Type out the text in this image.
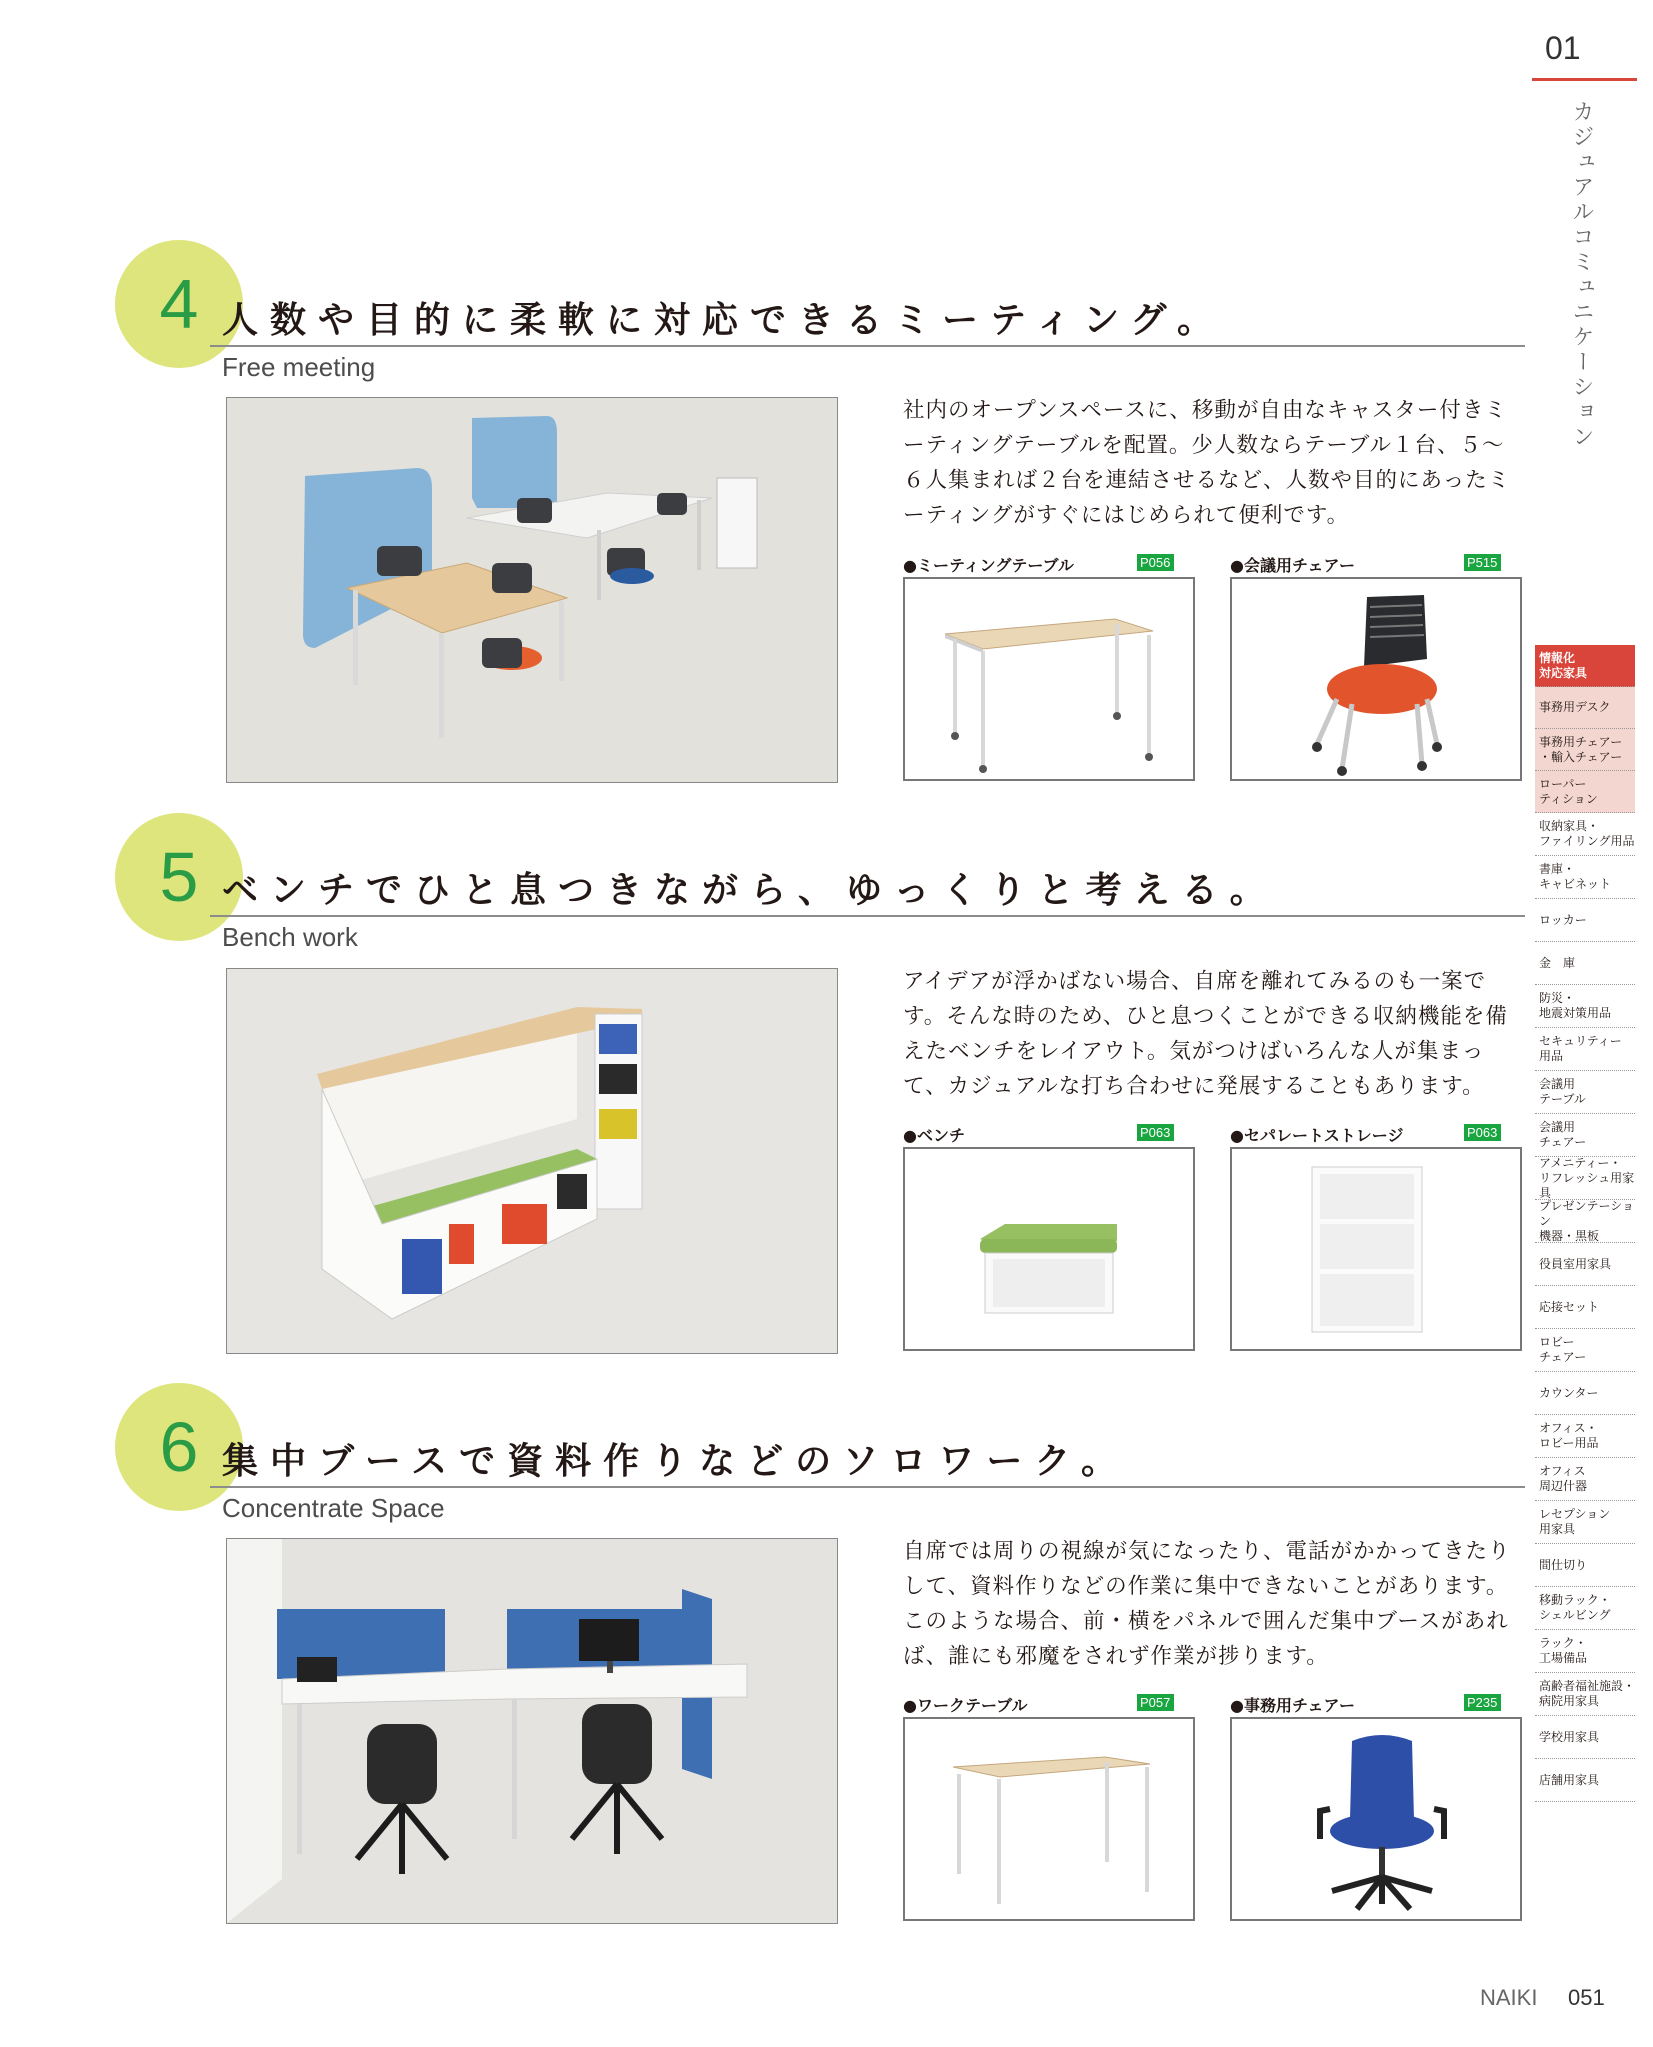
01
カジュアルコミュニケーション
4 人数や目的に柔軟に対応できるミーティング。
Free meeting
社内のオープンスペースに、移動が自由なキャスター付きミーティングテーブルを配置。少人数ならテーブル１台、５〜６人集まれば２台を連結させるなど、人数や目的にあったミーティングがすぐにはじめられて便利です。
●ミーティングテーブル	P056	●会議用チェアー	P515
5 ベンチでひと息つきながら、ゆっくりと考える。
Bench work
アイデアが浮かばない場合、自席を離れてみるのも一案です。そんな時のため、ひと息つくことができる収納機能を備えたベンチをレイアウト。気がつけばいろんな人が集まって、カジュアルな打ち合わせに発展することもあります。
●ベンチ	P063	●セパレートストレージ	P063
6 集中ブースで資料作りなどのソロワーク。
Concentrate Space
自席では周りの視線が気になったり、電話がかかってきたりして、資料作りなどの作業に集中できないことがあります。このような場合、前・横をパネルで囲んだ集中ブースがあれば、誰にも邪魔をされず作業が捗ります。
●ワークテーブル	P057	●事務用チェアー	P235
情報化
対応家具
事務用デスク
事務用チェアー
・輸入チェアー
ローパー
ティション
収納家具・
ファイリング用品
書庫・
キャビネット
ロッカー
金　庫
防災・
地震対策用品
セキュリティー
用品
会議用
テーブル
会議用
チェアー
アメニティー・
リフレッシュ用家具
プレゼンテーション
機器・黒板
役員室用家具
応接セット
ロビー
チェアー
カウンター
オフィス・
ロビー用品
オフィス
周辺什器
レセプション
用家具
間仕切り
移動ラック・
シェルビング
ラック・
工場備品
高齢者福祉施設・
病院用家具
学校用家具
店舗用家具
NAIKI 051
